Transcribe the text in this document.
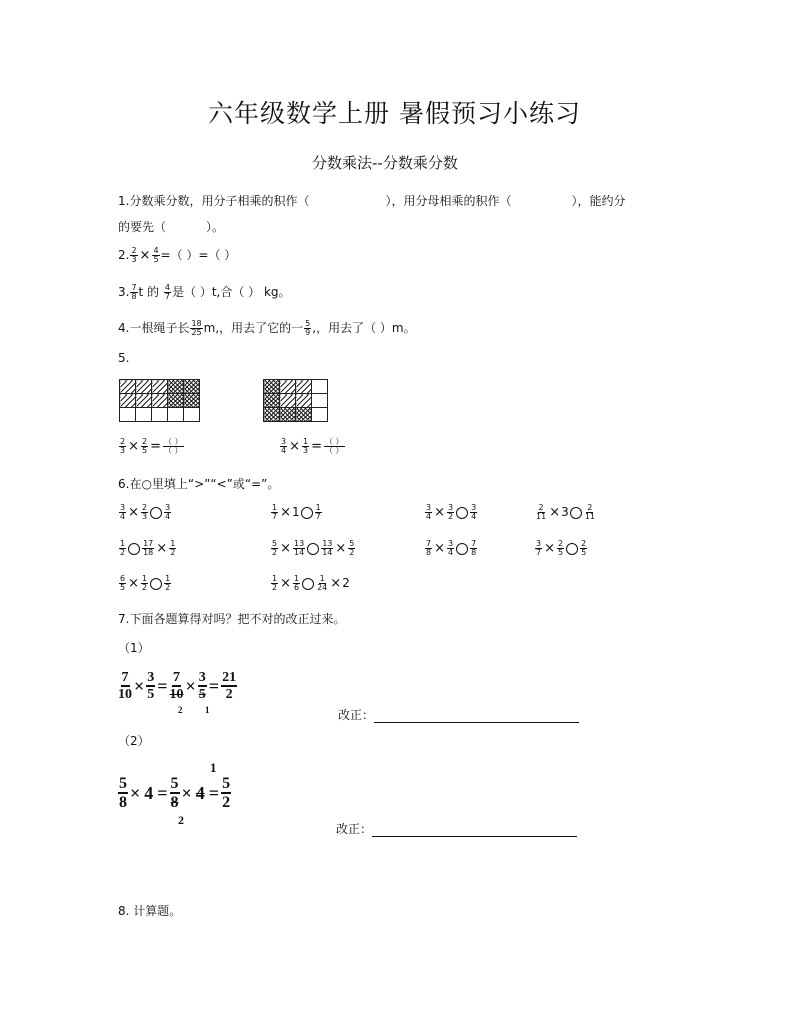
六年级数学上册 暑假预习小练习
分数乘法--分数乘分数
1.分数乘分数，用分子相乘的积作（	），用分母相乘的积作（	），能约分
的要先（	）。
2. $\frac{2}{3} \times \frac{4}{5}$ =（ ）=（ ）
3. $\frac{7}{8}$ t 的 $\frac{4}{7}$ 是（ ）t,合（ ） kg。
4.一根绳子长 $\frac{18}{25} m$,，用去了它的一 $\frac{5}{9}$ ,，用去了（ ）m。
5.

$\frac{2}{3} \times \frac{2}{5} = \frac{( )}{( )}$	$\frac{3}{4} \times \frac{1}{3} = \frac{( )}{( )}$
6.在○里填上“>”“<”或“=”。
$\frac{3}{4} \times \frac{2}{3} \frac{3}{4}$	$\frac{1}{7} \times 1 \frac{1}{7}$	$\frac{3}{4} \times \frac{3}{2} \frac{3}{4}$	$\frac{2}{11} \times 3 \frac{2}{11}$
$\frac{1}{2} \frac{17}{18} \times \frac{1}{2}$	$\frac{5}{2} \times \frac{13}{14} \frac{13}{14} \times \frac{5}{2}$	$\frac{7}{8} \times \frac{3}{4} \frac{7}{8}$	$\frac{3}{7} \times \frac{2}{5} \frac{2}{5}$
$\frac{6}{5} \times \frac{1}{2} \frac{1}{2}$	$\frac{1}{2} \times \frac{1}{6} \frac{1}{24} \times 2$
7.下面各题算得对吗？把不对的改正过来。
（1）
$\frac{7}{10} \times \frac{3}{5} = \frac{7}{10} \times \frac{3}{5} = \frac{21}{2}$
2	1	改正：
（2）
1
$\frac{5}{8} \times 4 = \frac{5}{8} \times 4 = \frac{5}{2}$
2
改正：
8. 计算题。
